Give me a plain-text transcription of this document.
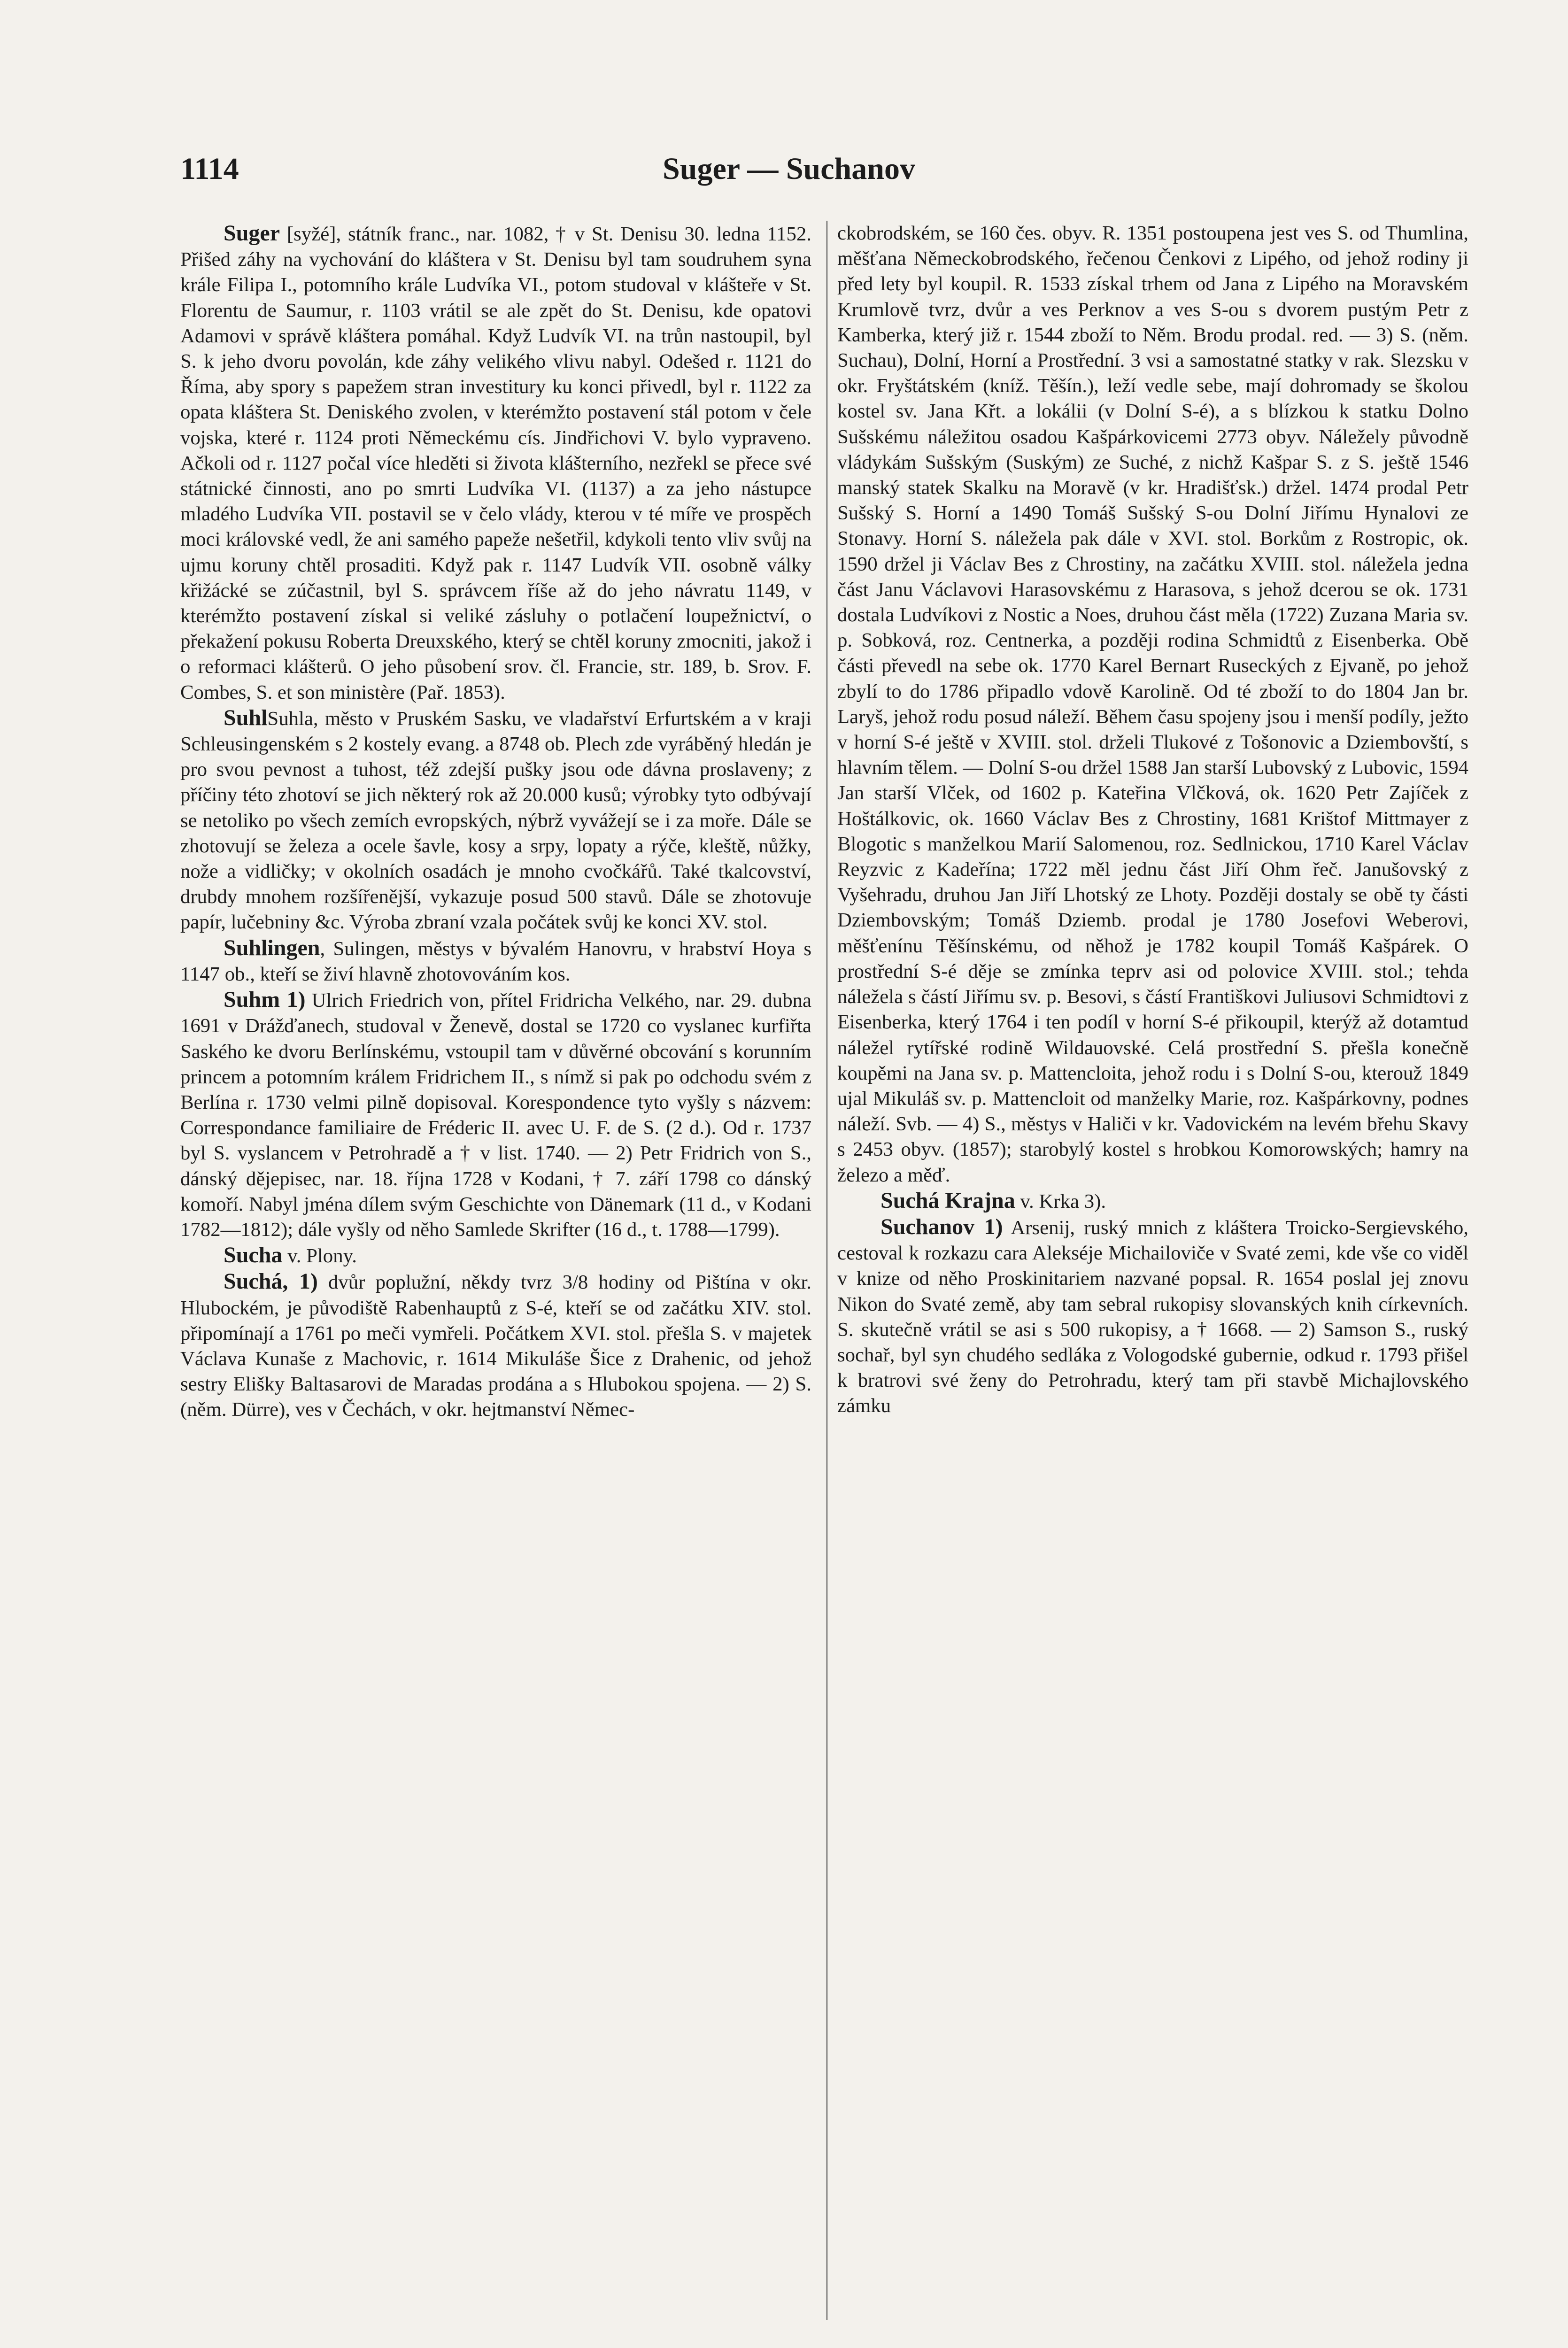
1114	Suger — Suchanov

Suger [syžé], státník franc., nar. 1082, † v St. Denisu 30. ledna 1152. Přišed záhy na vychování do kláštera v St. Denisu byl tam soudruhem syna krále Filipa I., potomního krále Ludvíka VI., potom studoval v klášteře v St. Florentu de Saumur, r. 1103 vrátil se ale zpět do St. Denisu, kde opatovi Adamovi v správě kláštera pomáhal. Když Ludvík VI. na trůn nastoupil, byl S. k jeho dvoru povolán, kde záhy velikého vlivu nabyl. Odešed r. 1121 do Říma, aby spory s papežem stran investitury ku konci přivedl, byl r. 1122 za opata kláštera St. Deniského zvolen, v kterémžto postavení stál potom v čele vojska, které r. 1124 proti Německému cís. Jindřichovi V. bylo vypraveno. Ačkoli od r. 1127 počal více hleděti si života klášterního, nezřekl se přece své státnické činnosti, ano po smrti Ludvíka VI. (1137) a za jeho nástupce mladého Ludvíka VII. postavil se v čelo vlády, kterou v té míře ve prospěch moci královské vedl, že ani samého papeže nešetřil, kdykoli tento vliv svůj na ujmu koruny chtěl prosaditi. Když pak r. 1147 Ludvík VII. osobně války křižácké se zúčastnil, byl S. správcem říše až do jeho návratu 1149, v kterémžto postavení získal si veliké zásluhy o potlačení loupežnictví, o překažení pokusu Roberta Dreuxského, který se chtěl koruny zmocniti, jakož i o reformaci klášterů. O jeho působení srov. čl. Francie, str. 189, b. Srov. F. Combes, S. et son ministère (Pař. 1853).

SuhlSuhla, město v Pruském Sasku, ve vladařství Erfurtském a v kraji Schleusingenském s 2 kostely evang. a 8748 ob. Plech zde vyráběný hledán je pro svou pevnost a tuhost, též zdejší pušky jsou ode dávna proslaveny; z příčiny této zhotoví se jich některý rok až 20.000 kusů; výrobky tyto odbývají se netoliko po všech zemích evropských, nýbrž vyvážejí se i za moře. Dále se zhotovují se železa a ocele šavle, kosy a srpy, lopaty a rýče, kleště, nůžky, nože a vidličky; v okolních osadách je mnoho cvočkářů. Také tkalcovství, drubdy mnohem rozšířenější, vykazuje posud 500 stavů. Dále se zhotovuje papír, lučebniny &c. Výroba zbraní vzala počátek svůj ke konci XV. stol.

Suhlingen, Sulingen, městys v bývalém Hanovru, v hrabství Hoya s 1147 ob., kteří se živí hlavně zhotovováním kos.

Suhm 1) Ulrich Friedrich von, přítel Fridricha Velkého, nar. 29. dubna 1691 v Drážďanech, studoval v Ženevě, dostal se 1720 co vyslanec kurfiřta Saského ke dvoru Berlínskému, vstoupil tam v důvěrné obcování s korunním princem a potomním králem Fridrichem II., s nímž si pak po odchodu svém z Berlína r. 1730 velmi pilně dopisoval. Korespondence tyto vyšly s názvem: Correspondance familiaire de Fréderic II. avec U. F. de S. (2 d.). Od r. 1737 byl S. vyslancem v Petrohradě a † v list. 1740. — 2) Petr Fridrich von S., dánský dějepisec, nar. 18. října 1728 v Kodani, † 7. září 1798 co dánský komoří. Nabyl jména dílem svým Geschichte von Dänemark (11 d., v Kodani 1782—1812); dále vyšly od něho Samlede Skrifter (16 d., t. 1788—1799).

Sucha v. Plony.

Suchá, 1) dvůr poplužní, někdy tvrz 3/8 hodiny od Pištína v okr. Hlubockém, je původiště Rabenhauptů z S-é, kteří se od začátku XIV. stol. připomínají a 1761 po meči vymřeli. Počátkem XVI. stol. přešla S. v majetek Václava Kunaše z Machovic, r. 1614 Mikuláše Šice z Drahenic, od jehož sestry Elišky Baltasarovi de Maradas prodána a s Hlubokou spojena. — 2) S. (něm. Dürre), ves v Čechách, v okr. hejtmanství Němec-

ckobrodském, se 160 čes. obyv. R. 1351 postoupena jest ves S. od Thumlina, měšťana Německobrodského, řečenou Čenkovi z Lipého, od jehož rodiny ji před lety byl koupil. R. 1533 získal trhem od Jana z Lipého na Moravském Krumlově tvrz, dvůr a ves Perknov a ves S-ou s dvorem pustým Petr z Kamberka, který již r. 1544 zboží to Něm. Brodu prodal. red. — 3) S. (něm. Suchau), Dolní, Horní a Prostřední. 3 vsi a samostatné statky v rak. Slezsku v okr. Fryštátském (kníž. Těšín.), leží vedle sebe, mají dohromady se školou kostel sv. Jana Křt. a lokálii (v Dolní S-é), a s blízkou k statku Dolno Sušskému náležitou osadou Kašpárkovicemi 2773 obyv. Náležely původně vládykám Sušským (Suským) ze Suché, z nichž Kašpar S. z S. ještě 1546 manský statek Skalku na Moravě (v kr. Hradišťsk.) držel. 1474 prodal Petr Sušský S. Horní a 1490 Tomáš Sušský S-ou Dolní Jiřímu Hynalovi ze Stonavy. Horní S. náležela pak dále v XVI. stol. Borkům z Rostropic, ok. 1590 držel ji Václav Bes z Chrostiny, na začátku XVIII. stol. náležela jedna část Janu Václavovi Harasovskému z Harasova, s jehož dcerou se ok. 1731 dostala Ludvíkovi z Nostic a Noes, druhou část měla (1722) Zuzana Maria sv. p. Sobková, roz. Centnerka, a později rodina Schmidtů z Eisenberka. Obě části převedl na sebe ok. 1770 Karel Bernart Ruseckých z Ejvaně, po jehož zbylí to do 1786 připadlo vdově Karolině. Od té zboží to do 1804 Jan br. Laryš, jehož rodu posud náleží. Během času spojeny jsou i menší podíly, ježto v horní S-é ještě v XVIII. stol. drželi Tlukové z Tošonovic a Dziembovští, s hlavním tělem. — Dolní S-ou držel 1588 Jan starší Lubovský z Lubovic, 1594 Jan starší Vlček, od 1602 p. Kateřina Vlčková, ok. 1620 Petr Zajíček z Hoštálkovic, ok. 1660 Václav Bes z Chrostiny, 1681 Krištof Mittmayer z Blogotic s manželkou Marií Salomenou, roz. Sedlnickou, 1710 Karel Václav Reyzvic z Kadeřína; 1722 měl jednu část Jiří Ohm řeč. Janušovský z Vyšehradu, druhou Jan Jiří Lhotský ze Lhoty. Později dostaly se obě ty části Dziembovským; Tomáš Dziemb. prodal je 1780 Josefovi Weberovi, měšťenínu Těšínskému, od něhož je 1782 koupil Tomáš Kašpárek. O prostřední S-é děje se zmínka teprv asi od polovice XVIII. stol.; tehda náležela s částí Jiřímu sv. p. Besovi, s částí Františkovi Juliusovi Schmidtovi z Eisenberka, který 1764 i ten podíl v horní S-é přikoupil, kterýž až dotamtud náležel rytířské rodině Wildauovské. Celá prostřední S. přešla konečně koupěmi na Jana sv. p. Mattencloita, jehož rodu i s Dolní S-ou, kterouž 1849 ujal Mikuláš sv. p. Mattencloit od manželky Marie, roz. Kašpárkovny, podnes náleží. Svb. — 4) S., městys v Haliči v kr. Vadovickém na levém břehu Skavy s 2453 obyv. (1857); starobylý kostel s hrobkou Komorowských; hamry na železo a měď.

Suchá Krajna v. Krka 3).

Suchanov 1) Arsenij, ruský mnich z kláštera Troicko-Sergievského, cestoval k rozkazu cara Alekséje Michailoviče v Svaté zemi, kde vše co viděl v knize od něho Proskinitariem nazvané popsal. R. 1654 poslal jej znovu Nikon do Svaté země, aby tam sebral rukopisy slovanských knih církevních. S. skutečně vrátil se asi s 500 rukopisy, a † 1668. — 2) Samson S., ruský sochař, byl syn chudého sedláka z Vologodské gubernie, odkud r. 1793 přišel k bratrovi své ženy do Petrohradu, který tam při stavbě Michajlovského zámku
